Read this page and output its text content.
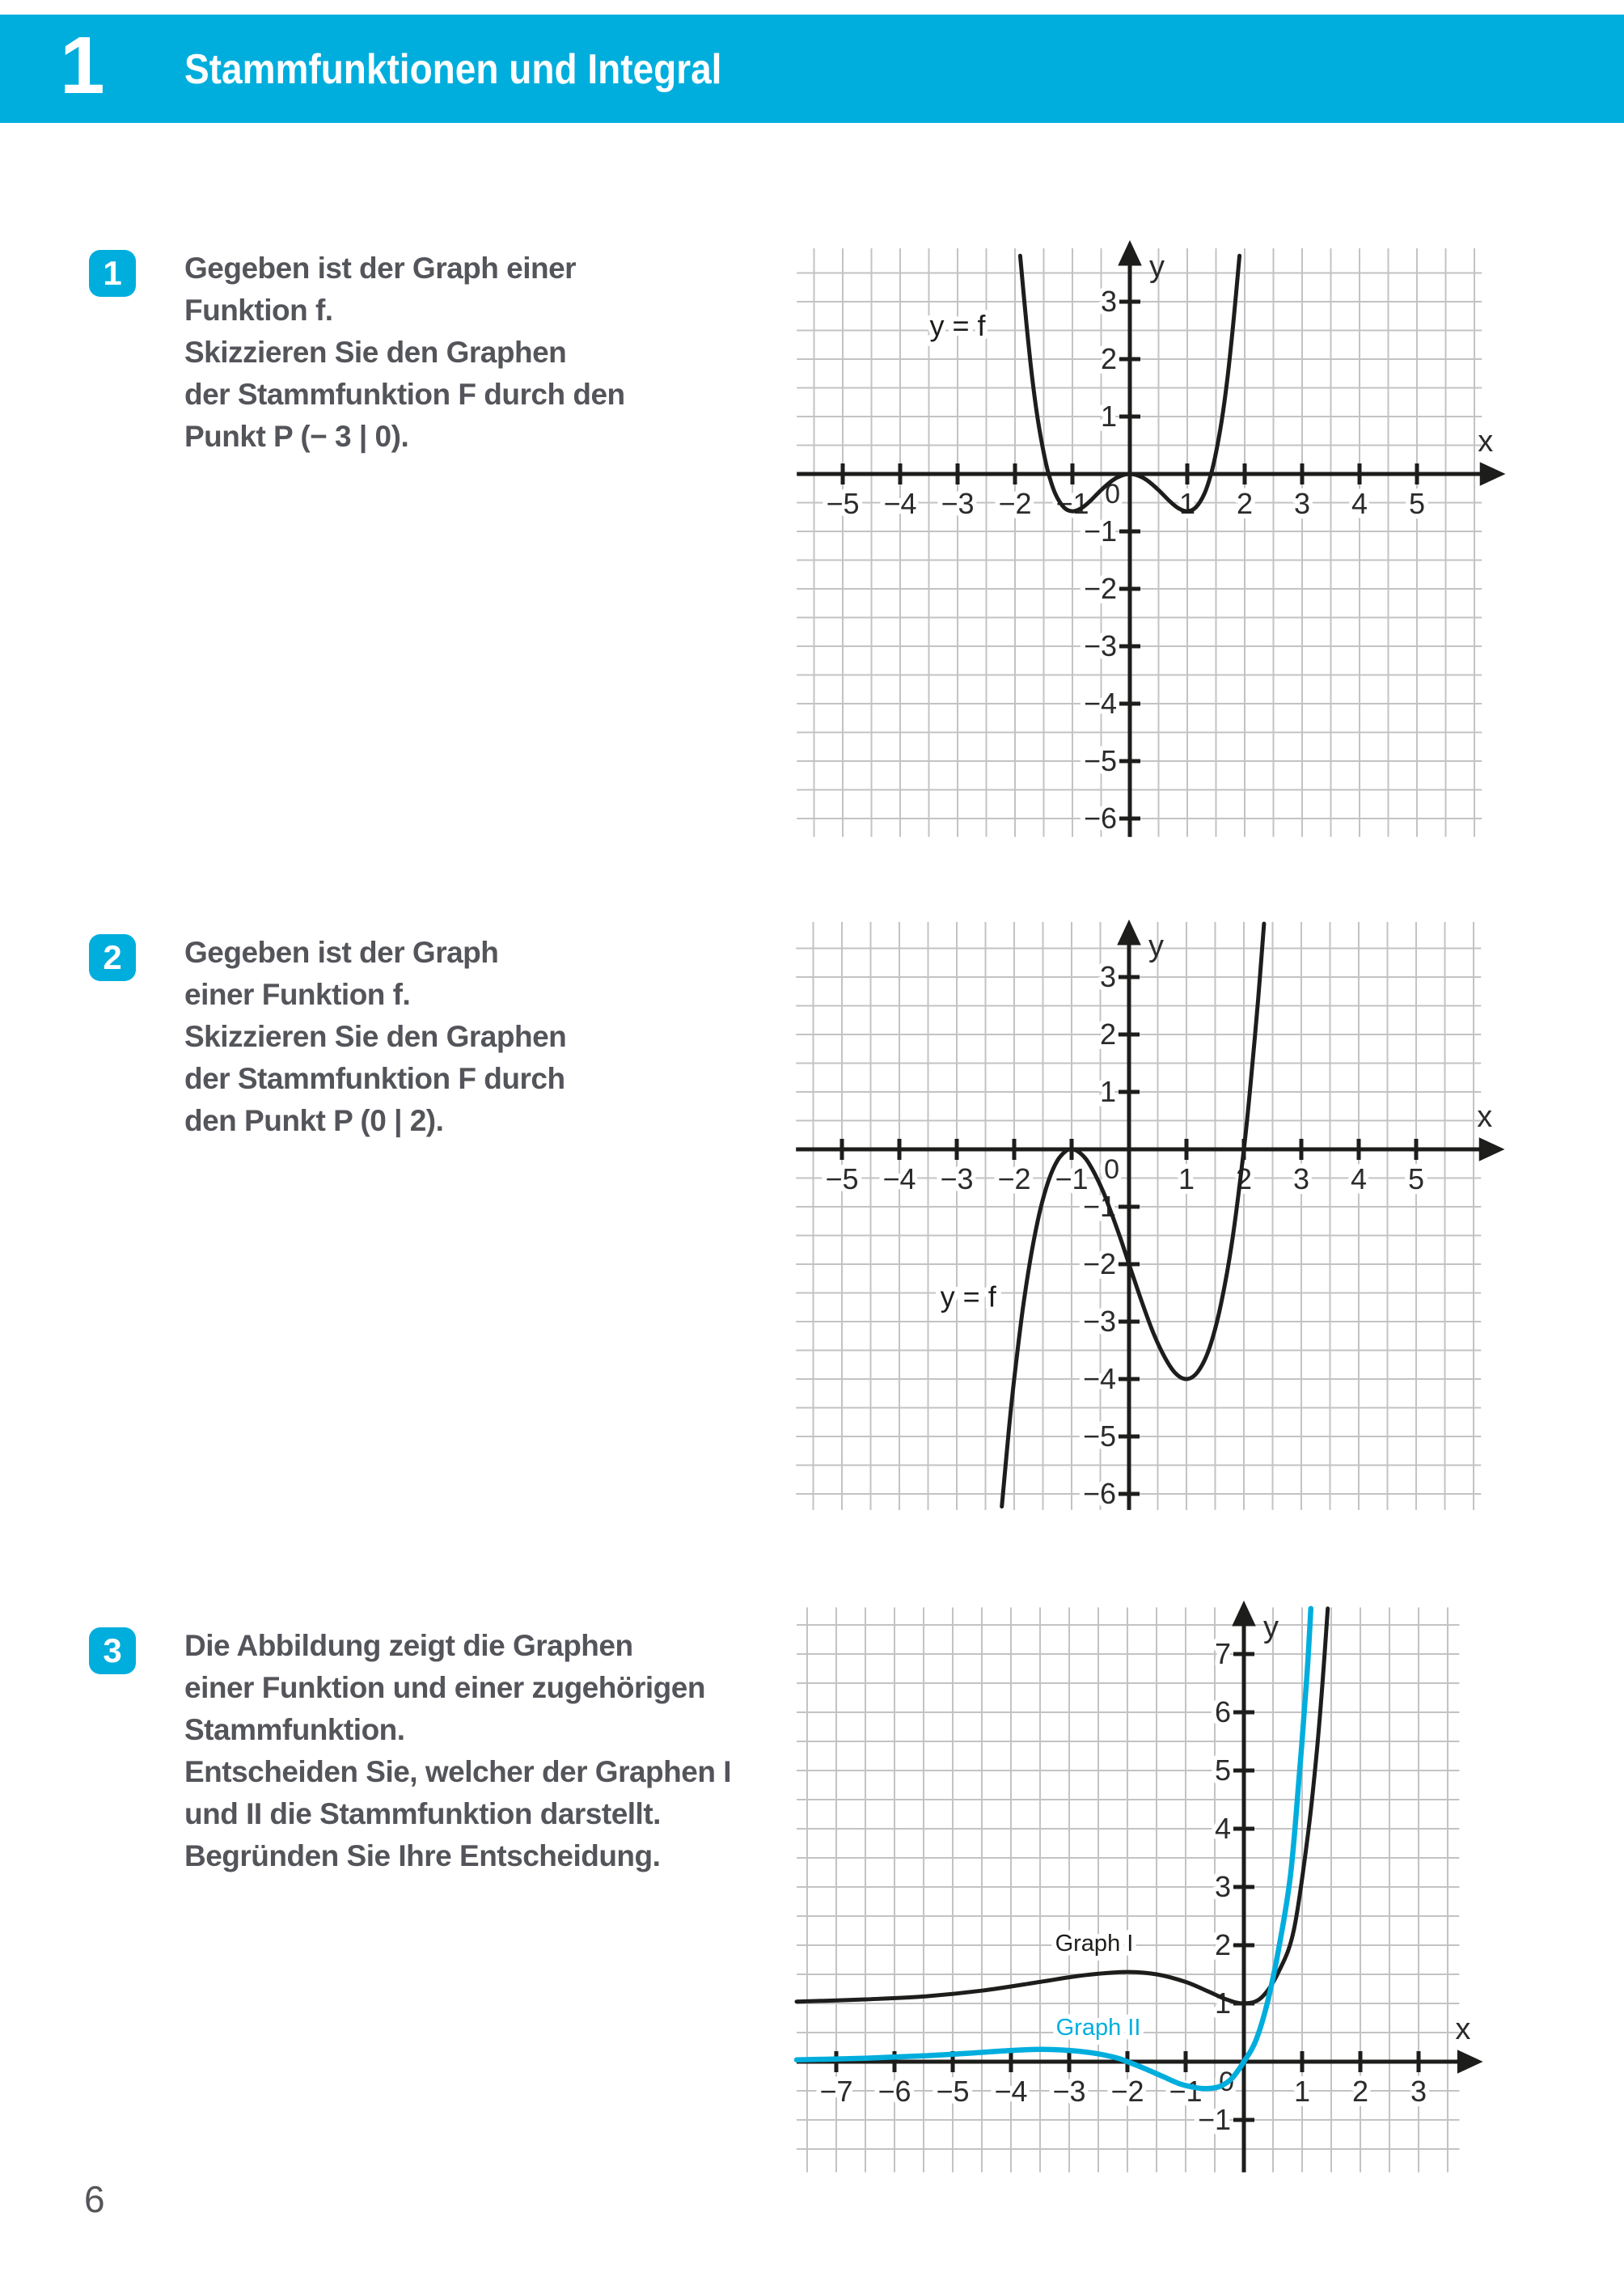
1 Stammfunktionen und Integral
1	Gegeben ist der Graph einer
Funktion f.
Skizzieren Sie den Graphen
der Stammfunktion F durch den
Punkt P (− 3 | 0).
2	Gegeben ist der Graph
einer Funktion f.
Skizzieren Sie den Graphen
der Stammfunktion F durch
den Punkt P (0 | 2).
3	Die Abbildung zeigt die Graphen
einer Funktion und einer zugehörigen
Stammfunktion.
Entscheiden Sie, welcher der Graphen I
und II die Stammfunktion darstellt.
Begründen Sie Ihre Entscheidung.
−5 −4 −3 −2 −1	1 2 3 4 5
−6
−5
−4
−3
−2
−1
1
2
3
0
x
y
y = f
−5 −4 −3 −2 −1	1 2 3 4 5
−6
−5
−4
−3
−2
−1
1
2
3
0
x
y
y = f
−7 −6 −5 −4 −3 −2 −1	1 2 3
−1
1
2
3
4
5
6
7
0
x
y
Graph I
Graph II
6
